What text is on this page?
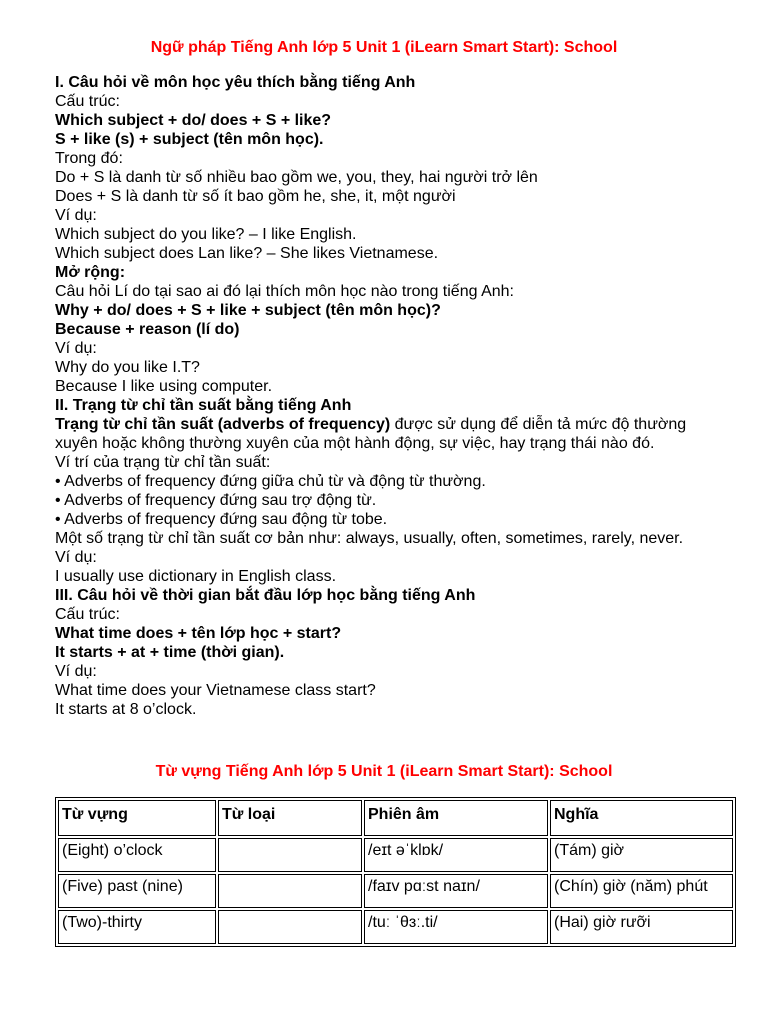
Ngữ pháp Tiếng Anh lớp 5 Unit 1 (iLearn Smart Start): School
I. Câu hỏi về môn học yêu thích bằng tiếng Anh
Cấu trúc:
Which subject + do/ does + S + like?
S + like (s) + subject (tên môn học).
Trong đó:
Do + S là danh từ số nhiều bao gồm we, you, they, hai người trở lên
Does + S là danh từ số ít bao gồm he, she, it, một người
Ví dụ:
Which subject do you like? – I like English.
Which subject does Lan like? – She likes Vietnamese.
Mở rộng:
Câu hỏi Lí do tại sao ai đó lại thích môn học nào trong tiếng Anh:
Why + do/ does + S + like + subject (tên môn học)?
Because + reason (lí do)
Ví dụ:
Why do you like I.T?
Because I like using computer.
II. Trạng từ chỉ tần suất bằng tiếng Anh
Trạng từ chỉ tần suất (adverbs of frequency) được sử dụng để diễn tả mức độ thường xuyên hoặc không thường xuyên của một hành động, sự việc, hay trạng thái nào đó.
Ví trí của trạng từ chỉ tần suất:
• Adverbs of frequency đứng giữa chủ từ và động từ thường.
• Adverbs of frequency đứng sau trợ động từ.
• Adverbs of frequency đứng sau động từ tobe.
Một số trạng từ chỉ tần suất cơ bản như: always, usually, often, sometimes, rarely, never.
Ví dụ:
I usually use dictionary in English class.
III. Câu hỏi về thời gian bắt đầu lớp học bằng tiếng Anh
Cấu trúc:
What time does + tên lớp học + start?
It starts + at + time (thời gian).
Ví dụ:
What time does your Vietnamese class start?
It starts at 8 o’clock.
Từ vựng Tiếng Anh lớp 5 Unit 1 (iLearn Smart Start): School
Từ vựng	Từ loại	Phiên âm	Nghĩa
(Eight) o’clock		/eɪt əˈklɒk/	(Tám) giờ
(Five) past (nine)		/faɪv pɑːst naɪn/	(Chín) giờ (năm) phút
(Two)-thirty		/tuː ˈθɜː.ti/	(Hai) giờ rưỡi
